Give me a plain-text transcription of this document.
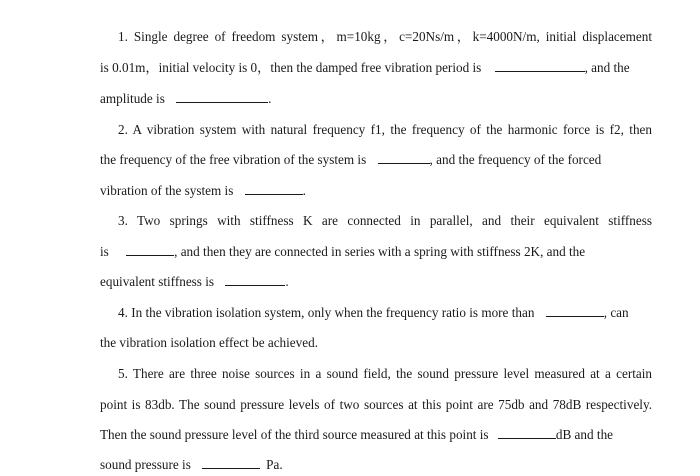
1. Single degree of freedom system，m=10kg，c=20Ns/m，k=4000N/m, initial displacement
is 0.01m，initial velocity is 0，then the damped free vibration period is	, and the
amplitude is	.
2. A vibration system with natural frequency f1, the frequency of the harmonic force is f2, then
the frequency of the free vibration of the system is	, and the frequency of the forced
vibration of the system is	.
3. Two springs with stiffness K are connected in parallel, and their equivalent stiffness
is	, and then they are connected in series with a spring with stiffness 2K, and the
equivalent stiffness is	.
4. In the vibration isolation system, only when the frequency ratio is more than	, can
the vibration isolation effect be achieved.
5. There are three noise sources in a sound field, the sound pressure level measured at a certain
point is 83db. The sound pressure levels of two sources at this point are 75db and 78dB respectively.
Then the sound pressure level of the third source measured at this point is	dB and the
sound pressure is	Pa.
